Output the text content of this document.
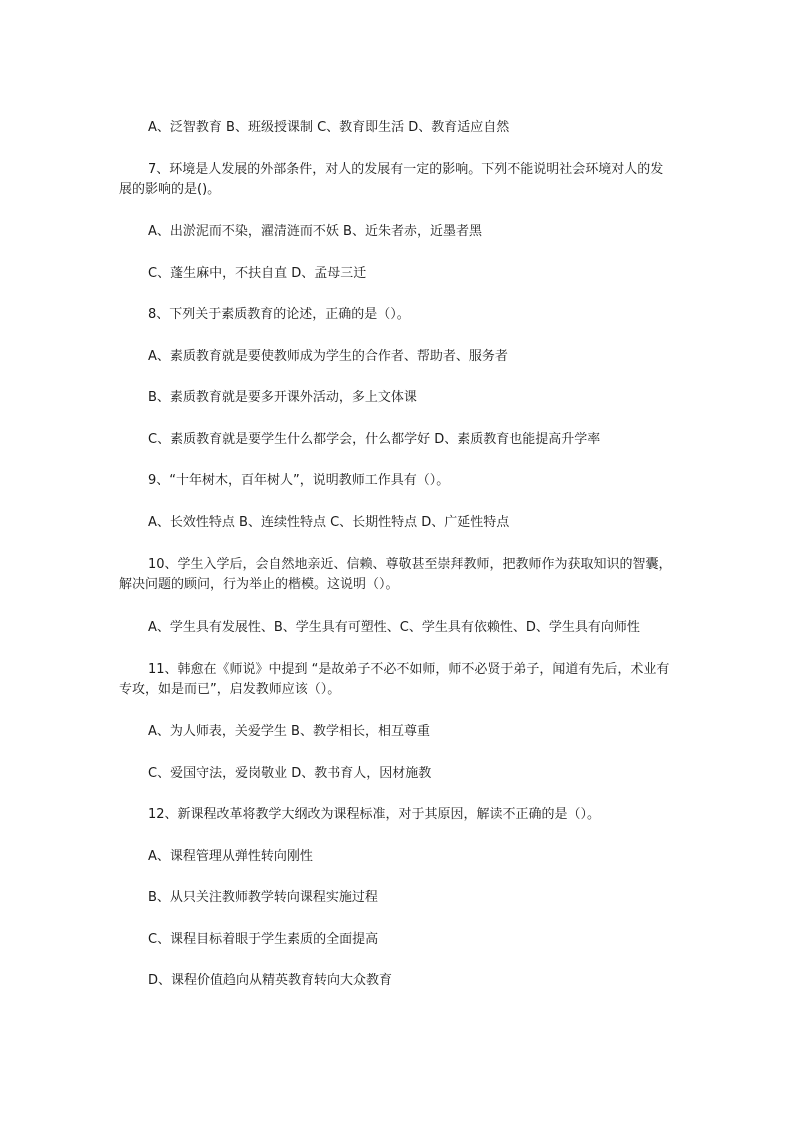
A、泛智教育 B、班级授课制 C、教育即生活 D、教育适应自然

7、环境是人发展的外部条件，对人的发展有一定的影响。下列不能说明社会环境对人的发展的影响的是()。

A、出淤泥而不染，濯清涟而不妖 B、近朱者赤，近墨者黑

C、蓬生麻中，不扶自直 D、孟母三迁

8、下列关于素质教育的论述，正确的是（）。

A、素质教育就是要使教师成为学生的合作者、帮助者、服务者

B、素质教育就是要多开课外活动，多上文体课

C、素质教育就是要学生什么都学会，什么都学好 D、素质教育也能提高升学率

9、“十年树木，百年树人”，说明教师工作具有（）。

A、长效性特点 B、连续性特点 C、长期性特点 D、广延性特点

10、学生入学后，会自然地亲近、信赖、尊敬甚至崇拜教师，把教师作为获取知识的智囊，解决问题的顾问，行为举止的楷模。这说明（）。

A、学生具有发展性、B、学生具有可塑性、C、学生具有依赖性、D、学生具有向师性

11、韩愈在《师说》中提到 “是故弟子不必不如师，师不必贤于弟子，闻道有先后，术业有专攻，如是而已”，启发教师应该（）。

A、为人师表，关爱学生 B、教学相长，相互尊重

C、爱国守法，爱岗敬业 D、教书育人，因材施教

12、新课程改革将教学大纲改为课程标准，对于其原因，解读不正确的是（）。

A、课程管理从弹性转向刚性

B、从只关注教师教学转向课程实施过程

C、课程目标着眼于学生素质的全面提高

D、课程价值趋向从精英教育转向大众教育
